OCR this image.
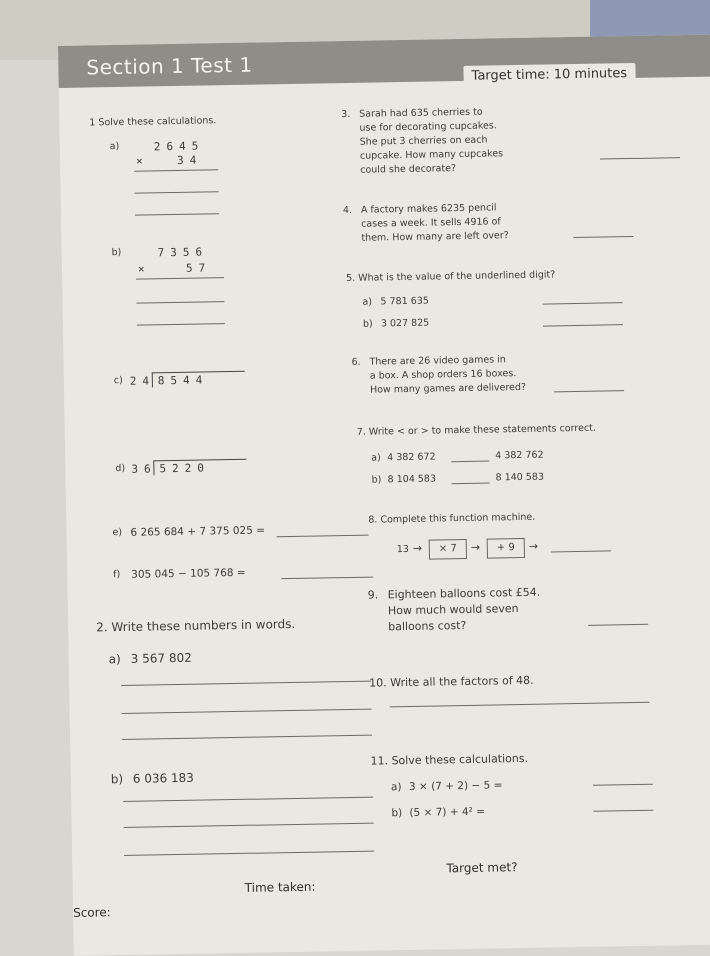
Section 1 Test 1	Target time: 10 minutes
1 Solve these calculations.
a)	2645
×	34
b)	7356
×	57
c) 24 8544
d) 36 5220
e) 6 265 684 + 7 375 025 =
f) 305 045 − 105 768 =
2. Write these numbers in words.
a) 3 567 802
b) 6 036 183
3. Sarah had 635 cherries to
use for decorating cupcakes.
She put 3 cherries on each
cupcake. How many cupcakes
could she decorate?
4. A factory makes 6235 pencil
cases a week. It sells 4916 of
them. How many are left over?
5. What is the value of the underlined digit?
a) 5 781 635
b) 3 027 825
6. There are 26 video games in
a box. A shop orders 16 boxes.
How many games are delivered?
7. Write < or > to make these statements correct.
a) 4 382 672	4 382 762
b) 8 104 583	8 140 583
8. Complete this function machine.
13 →	× 7	→	+ 9	→
9. Eighteen balloons cost £54.
How much would seven
balloons cost?
10. Write all the factors of 48.
11. Solve these calculations.
a) 3 × (7 + 2) − 5 =
b) (5 × 7) + 4² =
Score:
Time taken:
Target met?
